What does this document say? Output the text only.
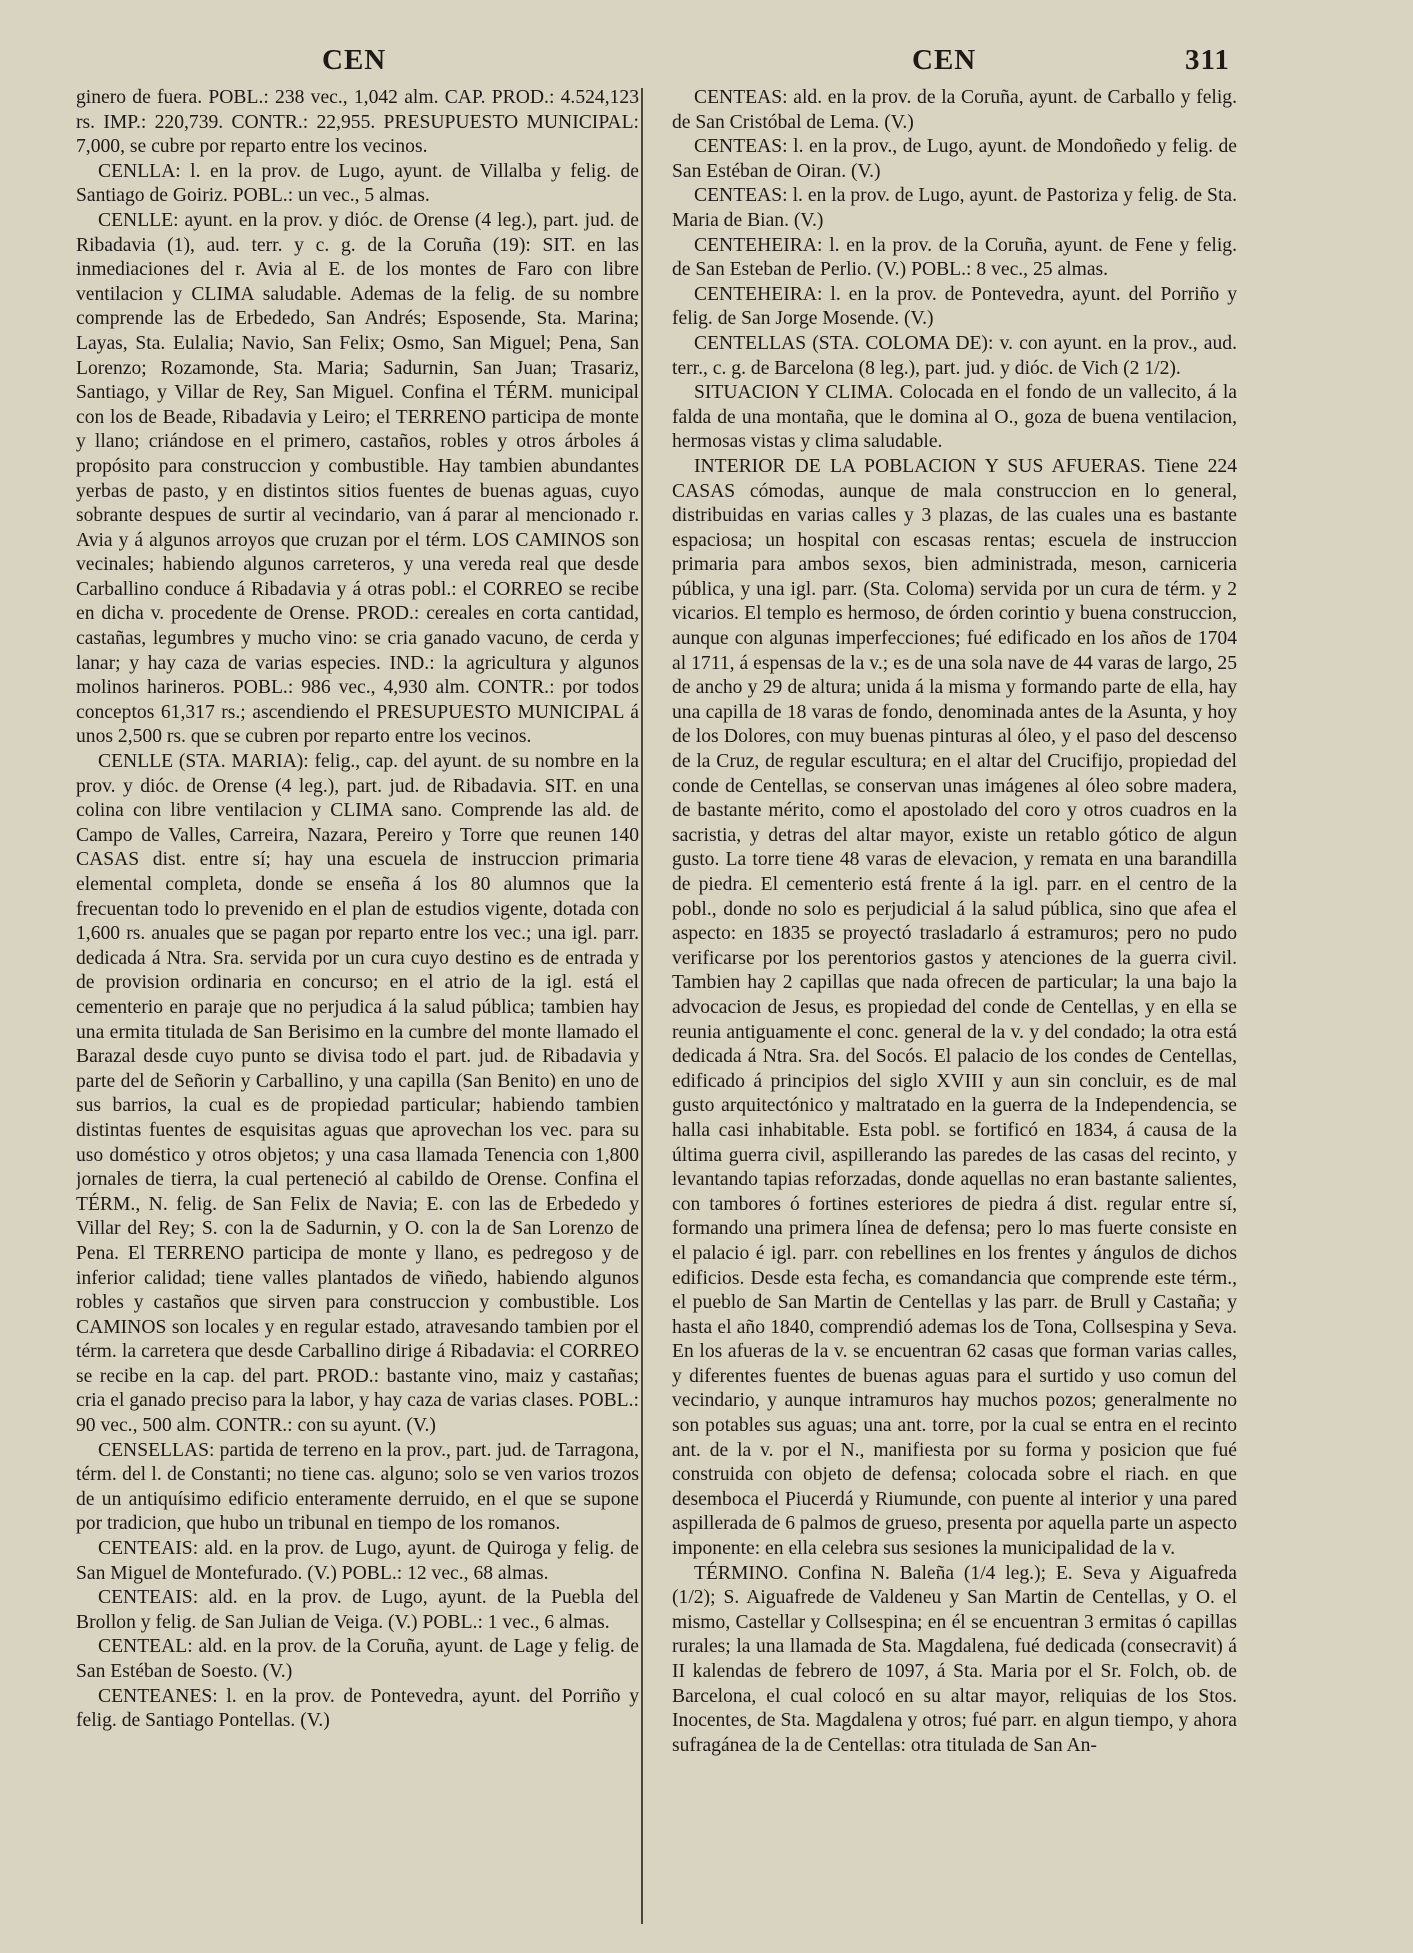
CEN	CEN	311

ginero de fuera. POBL.: 238 vec., 1,042 alm. CAP. PROD.: 4.524,123 rs. IMP.: 220,739. CONTR.: 22,955. PRESUPUESTO MUNICIPAL: 7,000, se cubre por reparto entre los vecinos.

CENLLA: l. en la prov. de Lugo, ayunt. de Villalba y felig. de Santiago de Goiriz. POBL.: un vec., 5 almas.

CENLLE: ayunt. en la prov. y dióc. de Orense (4 leg.), part. jud. de Ribadavia (1), aud. terr. y c. g. de la Coruña (19): SIT. en las inmediaciones del r. Avia al E. de los montes de Faro con libre ventilacion y CLIMA saludable. Ademas de la felig. de su nombre comprende las de Erbededo, San Andrés; Esposende, Sta. Marina; Layas, Sta. Eulalia; Navio, San Felix; Osmo, San Miguel; Pena, San Lorenzo; Rozamonde, Sta. Maria; Sadurnin, San Juan; Trasariz, Santiago, y Villar de Rey, San Miguel. Confina el TÉRM. municipal con los de Beade, Ribadavia y Leiro; el TERRENO participa de monte y llano; criándose en el primero, castaños, robles y otros árboles á propósito para construccion y combustible. Hay tambien abundantes yerbas de pasto, y en distintos sitios fuentes de buenas aguas, cuyo sobrante despues de surtir al vecindario, van á parar al mencionado r. Avia y á algunos arroyos que cruzan por el térm. LOS CAMINOS son vecinales; habiendo algunos carreteros, y una vereda real que desde Carballino conduce á Ribadavia y á otras pobl.: el CORREO se recibe en dicha v. procedente de Orense. PROD.: cereales en corta cantidad, castañas, legumbres y mucho vino: se cria ganado vacuno, de cerda y lanar; y hay caza de varias especies. IND.: la agricultura y algunos molinos harineros. POBL.: 986 vec., 4,930 alm. CONTR.: por todos conceptos 61,317 rs.; ascendiendo el PRESUPUESTO MUNICIPAL á unos 2,500 rs. que se cubren por reparto entre los vecinos.

CENLLE (STA. MARIA): felig., cap. del ayunt. de su nombre en la prov. y dióc. de Orense (4 leg.), part. jud. de Ribadavia. SIT. en una colina con libre ventilacion y CLIMA sano. Comprende las ald. de Campo de Valles, Carreira, Nazara, Pereiro y Torre que reunen 140 CASAS dist. entre sí; hay una escuela de instruccion primaria elemental completa, donde se enseña á los 80 alumnos que la frecuentan todo lo prevenido en el plan de estudios vigente, dotada con 1,600 rs. anuales que se pagan por reparto entre los vec.; una igl. parr. dedicada á Ntra. Sra. servida por un cura cuyo destino es de entrada y de provision ordinaria en concurso; en el atrio de la igl. está el cementerio en paraje que no perjudica á la salud pública; tambien hay una ermita titulada de San Berisimo en la cumbre del monte llamado el Barazal desde cuyo punto se divisa todo el part. jud. de Ribadavia y parte del de Señorin y Carballino, y una capilla (San Benito) en uno de sus barrios, la cual es de propiedad particular; habiendo tambien distintas fuentes de esquisitas aguas que aprovechan los vec. para su uso doméstico y otros objetos; y una casa llamada Tenencia con 1,800 jornales de tierra, la cual perteneció al cabildo de Orense. Confina el TÉRM., N. felig. de San Felix de Navia; E. con las de Erbededo y Villar del Rey; S. con la de Sadurnin, y O. con la de San Lorenzo de Pena. El TERRENO participa de monte y llano, es pedregoso y de inferior calidad; tiene valles plantados de viñedo, habiendo algunos robles y castaños que sirven para construccion y combustible. Los CAMINOS son locales y en regular estado, atravesando tambien por el térm. la carretera que desde Carballino dirige á Ribadavia: el CORREO se recibe en la cap. del part. PROD.: bastante vino, maiz y castañas; cria el ganado preciso para la labor, y hay caza de varias clases. POBL.: 90 vec., 500 alm. CONTR.: con su ayunt. (V.)

CENSELLAS: partida de terreno en la prov., part. jud. de Tarragona, térm. del l. de Constanti; no tiene cas. alguno; solo se ven varios trozos de un antiquísimo edificio enteramente derruido, en el que se supone por tradicion, que hubo un tribunal en tiempo de los romanos.

CENTEAIS: ald. en la prov. de Lugo, ayunt. de Quiroga y felig. de San Miguel de Montefurado. (V.) POBL.: 12 vec., 68 almas.

CENTEAIS: ald. en la prov. de Lugo, ayunt. de la Puebla del Brollon y felig. de San Julian de Veiga. (V.) POBL.: 1 vec., 6 almas.

CENTEAL: ald. en la prov. de la Coruña, ayunt. de Lage y felig. de San Estéban de Soesto. (V.)

CENTEANES: l. en la prov. de Pontevedra, ayunt. del Porriño y felig. de Santiago Pontellas. (V.)

CENTEAS: ald. en la prov. de la Coruña, ayunt. de Carballo y felig. de San Cristóbal de Lema. (V.)

CENTEAS: l. en la prov., de Lugo, ayunt. de Mondoñedo y felig. de San Estéban de Oiran. (V.)

CENTEAS: l. en la prov. de Lugo, ayunt. de Pastoriza y felig. de Sta. Maria de Bian. (V.)

CENTEHEIRA: l. en la prov. de la Coruña, ayunt. de Fene y felig. de San Esteban de Perlio. (V.) POBL.: 8 vec., 25 almas.

CENTEHEIRA: l. en la prov. de Pontevedra, ayunt. del Porriño y felig. de San Jorge Mosende. (V.)

CENTELLAS (STA. COLOMA DE): v. con ayunt. en la prov., aud. terr., c. g. de Barcelona (8 leg.), part. jud. y dióc. de Vich (2 1/2).

SITUACION Y CLIMA. Colocada en el fondo de un vallecito, á la falda de una montaña, que le domina al O., goza de buena ventilacion, hermosas vistas y clima saludable.

INTERIOR DE LA POBLACION Y SUS AFUERAS. Tiene 224 CASAS cómodas, aunque de mala construccion en lo general, distribuidas en varias calles y 3 plazas, de las cuales una es bastante espaciosa; un hospital con escasas rentas; escuela de instruccion primaria para ambos sexos, bien administrada, meson, carniceria pública, y una igl. parr. (Sta. Coloma) servida por un cura de térm. y 2 vicarios. El templo es hermoso, de órden corintio y buena construccion, aunque con algunas imperfecciones; fué edificado en los años de 1704 al 1711, á espensas de la v.; es de una sola nave de 44 varas de largo, 25 de ancho y 29 de altura; unida á la misma y formando parte de ella, hay una capilla de 18 varas de fondo, denominada antes de la Asunta, y hoy de los Dolores, con muy buenas pinturas al óleo, y el paso del descenso de la Cruz, de regular escultura; en el altar del Crucifijo, propiedad del conde de Centellas, se conservan unas imágenes al óleo sobre madera, de bastante mérito, como el apostolado del coro y otros cuadros en la sacristia, y detras del altar mayor, existe un retablo gótico de algun gusto. La torre tiene 48 varas de elevacion, y remata en una barandilla de piedra. El cementerio está frente á la igl. parr. en el centro de la pobl., donde no solo es perjudicial á la salud pública, sino que afea el aspecto: en 1835 se proyectó trasladarlo á estramuros; pero no pudo verificarse por los perentorios gastos y atenciones de la guerra civil. Tambien hay 2 capillas que nada ofrecen de particular; la una bajo la advocacion de Jesus, es propiedad del conde de Centellas, y en ella se reunia antiguamente el conc. general de la v. y del condado; la otra está dedicada á Ntra. Sra. del Socós. El palacio de los condes de Centellas, edificado á principios del siglo XVIII y aun sin concluir, es de mal gusto arquitectónico y maltratado en la guerra de la Independencia, se halla casi inhabitable. Esta pobl. se fortificó en 1834, á causa de la última guerra civil, aspillerando las paredes de las casas del recinto, y levantando tapias reforzadas, donde aquellas no eran bastante salientes, con tambores ó fortines esteriores de piedra á dist. regular entre sí, formando una primera línea de defensa; pero lo mas fuerte consiste en el palacio é igl. parr. con rebellines en los frentes y ángulos de dichos edificios. Desde esta fecha, es comandancia que comprende este térm., el pueblo de San Martin de Centellas y las parr. de Brull y Castaña; y hasta el año 1840, comprendió ademas los de Tona, Collsespina y Seva. En los afueras de la v. se encuentran 62 casas que forman varias calles, y diferentes fuentes de buenas aguas para el surtido y uso comun del vecindario, y aunque intramuros hay muchos pozos; generalmente no son potables sus aguas; una ant. torre, por la cual se entra en el recinto ant. de la v. por el N., manifiesta por su forma y posicion que fué construida con objeto de defensa; colocada sobre el riach. en que desemboca el Piucerdá y Riumunde, con puente al interior y una pared aspillerada de 6 palmos de grueso, presenta por aquella parte un aspecto imponente: en ella celebra sus sesiones la municipalidad de la v.

TÉRMINO. Confina N. Baleña (1/4 leg.); E. Seva y Aiguafreda (1/2); S. Aiguafrede de Valdeneu y San Martin de Centellas, y O. el mismo, Castellar y Collsespina; en él se encuentran 3 ermitas ó capillas rurales; la una llamada de Sta. Magdalena, fué dedicada (consecravit) á II kalendas de febrero de 1097, á Sta. Maria por el Sr. Folch, ob. de Barcelona, el cual colocó en su altar mayor, reliquias de los Stos. Inocentes, de Sta. Magdalena y otros; fué parr. en algun tiempo, y ahora sufragánea de la de Centellas: otra titulada de San An-
